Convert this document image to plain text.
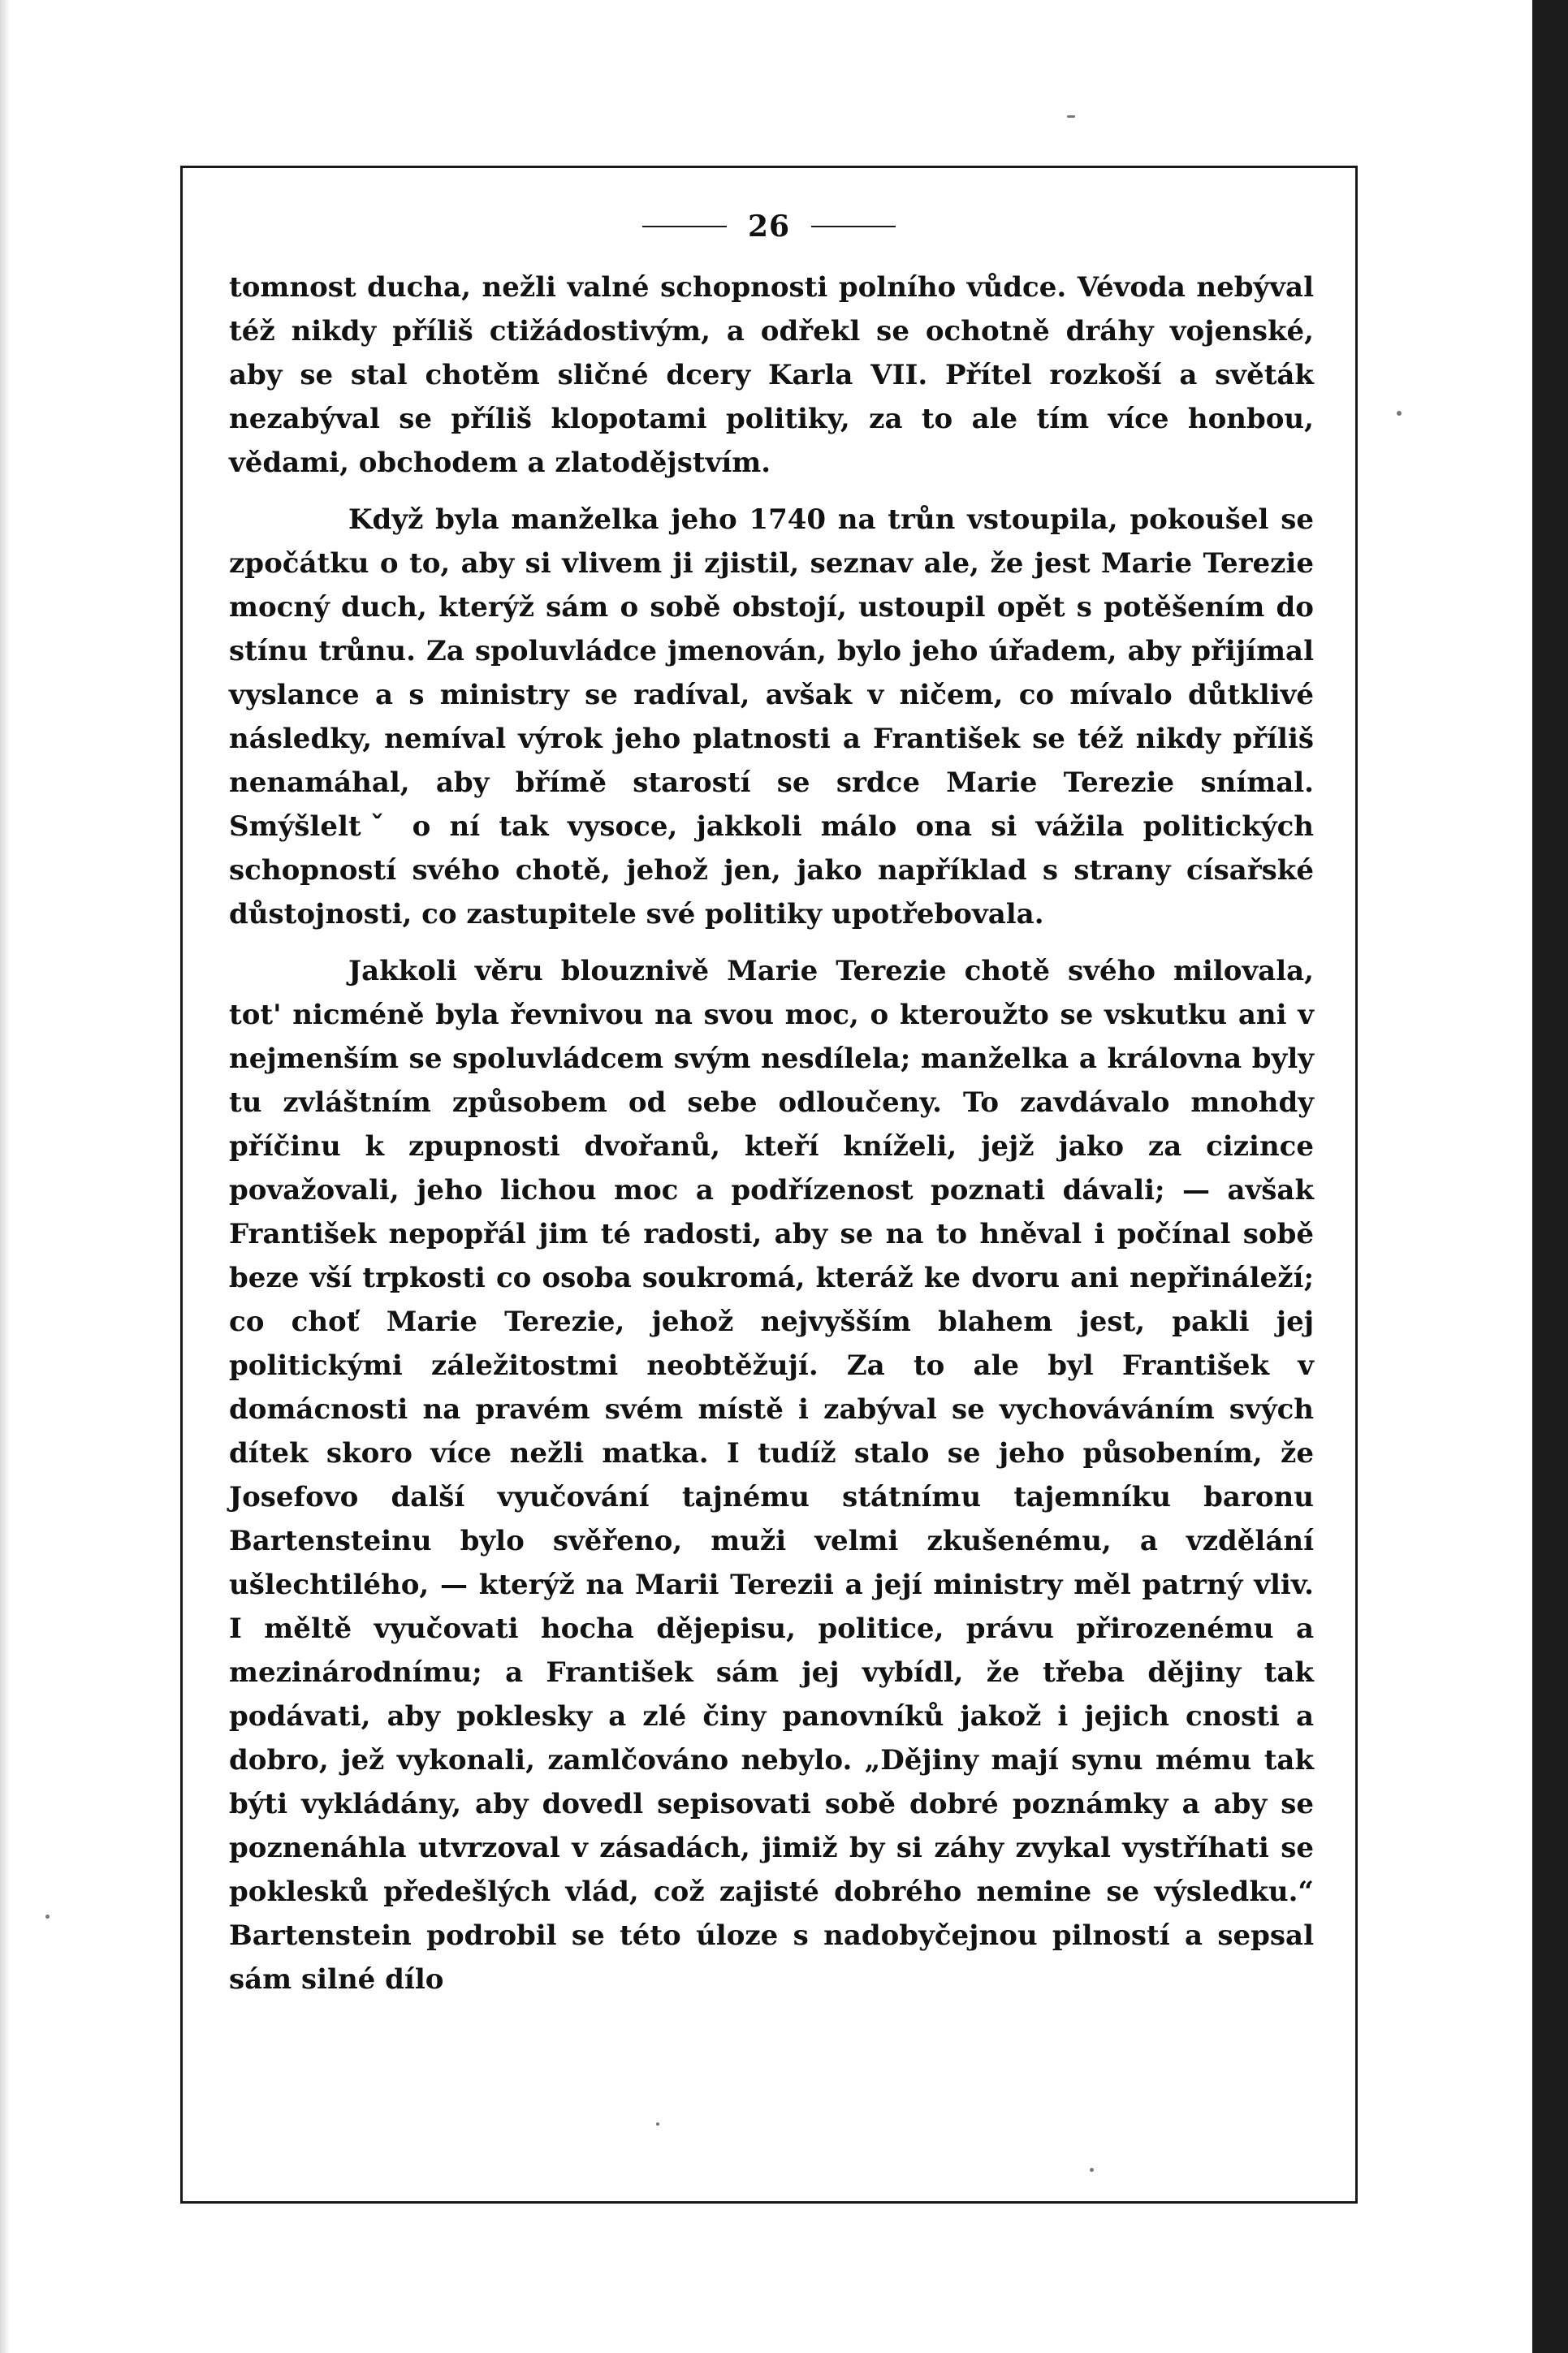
26

tomnost ducha, nežli valné schopnosti polního vůdce. Vévoda nebýval též nikdy příliš ctižádostivým, a odřekl se ochotně dráhy vojenské, aby se stal chotěm sličné dcery Karla VII. Přítel rozkoší a světák nezabýval se příliš klopotami politiky, za to ale tím více honbou, vědami, obchodem a zlatodějstvím.

Když byla manželka jeho 1740 na trůn vstoupila, pokoušel se zpočátku o to, aby si vlivem ji zjistil, seznav ale, že jest Marie Terezie mocný duch, kterýž sám o sobě obstojí, ustoupil opět s potěšením do stínu trůnu. Za spoluvládce jmenován, bylo jeho úřadem, aby přijímal vyslance a s ministry se radíval, avšak v ničem, co mívalo důtklivé následky, nemíval výrok jeho platnosti a František se též nikdy příliš nenamáhal, aby břímě starostí se srdce Marie Terezie snímal. Smýšleltˇ o ní tak vysoce, jakkoli málo ona si vážila politických schopností svého chotě, jehož jen, jako například s strany císařské důstojnosti, co zastupitele své politiky upotřebovala.

Jakkoli věru blouznivě Marie Terezie chotě svého milovala, tot' nicméně byla řevnivou na svou moc, o kteroužto se vskutku ani v nejmenším se spoluvládcem svým nesdílela; manželka a královna byly tu zvláštním způsobem od sebe odloučeny. To zavdávalo mnohdy příčinu k zpupnosti dvořanů, kteří kníželi, jejž jako za cizince považovali, jeho lichou moc a podřízenost poznati dávali; — avšak František nepopřál jim té radosti, aby se na to hněval i počínal sobě beze vší trpkosti co osoba soukromá, kteráž ke dvoru ani nepřináleží; co choť Marie Terezie, jehož nejvyšším blahem jest, pakli jej politickými záležitostmi neobtěžují. Za to ale byl František v domácnosti na pravém svém místě i zabýval se vychováváním svých dítek skoro více nežli matka. I tudíž stalo se jeho působením, že Josefovo další vyučování tajnému státnímu tajemníku baronu Bartensteinu bylo svěřeno, muži velmi zkušenému, a vzdělání ušlechtilého, — kterýž na Marii Terezii a její ministry měl patrný vliv. I měltě vyučovati hocha dějepisu, politice, právu přirozenému a mezinárodnímu; a František sám jej vybídl, že třeba dějiny tak podávati, aby poklesky a zlé činy panovníků jakož i jejich cnosti a dobro, jež vykonali, zamlčováno nebylo. „Dějiny mají synu mému tak býti vykládány, aby dovedl sepisovati sobě dobré poznámky a aby se poznenáhla utvrzoval v zásadách, jimiž by si záhy zvykal vystříhati se poklesků předešlých vlád, což zajisté dobrého nemine se výsledku.“ Bartenstein podrobil se této úloze s nadobyčejnou pilností a sepsal sám silné dílo
